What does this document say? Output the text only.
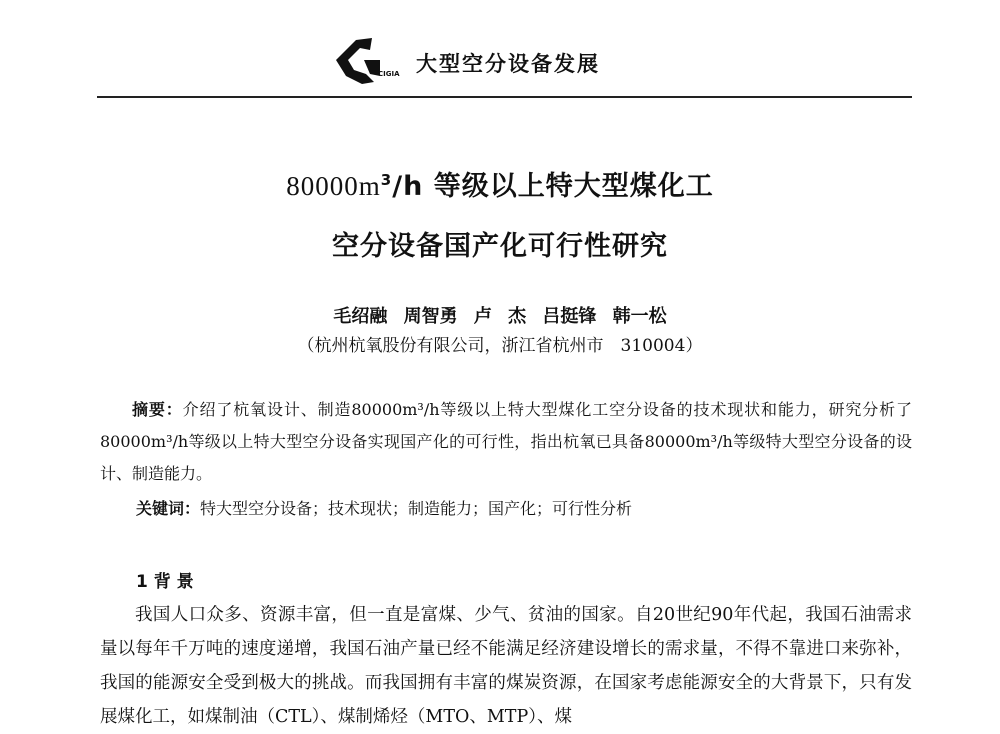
CIGIA 大型空分设备发展
$80000m^3/h$ 等级以上特大型煤化工
空分设备国产化可行性研究
毛绍融 周智勇 卢 杰 吕挺锋 韩一松
（杭州杭氧股份有限公司，浙江省杭州市　310004）
摘要：介绍了杭氧设计、制造80000m³/h等级以上特大型煤化工空分设备的技术现状和能力，研究分析了80000m³/h等级以上特大型空分设备实现国产化的可行性，指出杭氧已具备80000m³/h等级特大型空分设备的设计、制造能力。
关键词：特大型空分设备；技术现状；制造能力；国产化；可行性分析
1 背 景
我国人口众多、资源丰富，但一直是富煤、少气、贫油的国家。自20世纪90年代起，我国石油需求量以每年千万吨的速度递增，我国石油产量已经不能满足经济建设增长的需求量，不得不靠进口来弥补，我国的能源安全受到极大的挑战。而我国拥有丰富的煤炭资源，在国家考虑能源安全的大背景下，只有发展煤化工，如煤制油（CTL）、煤制烯烃（MTO、MTP）、煤
